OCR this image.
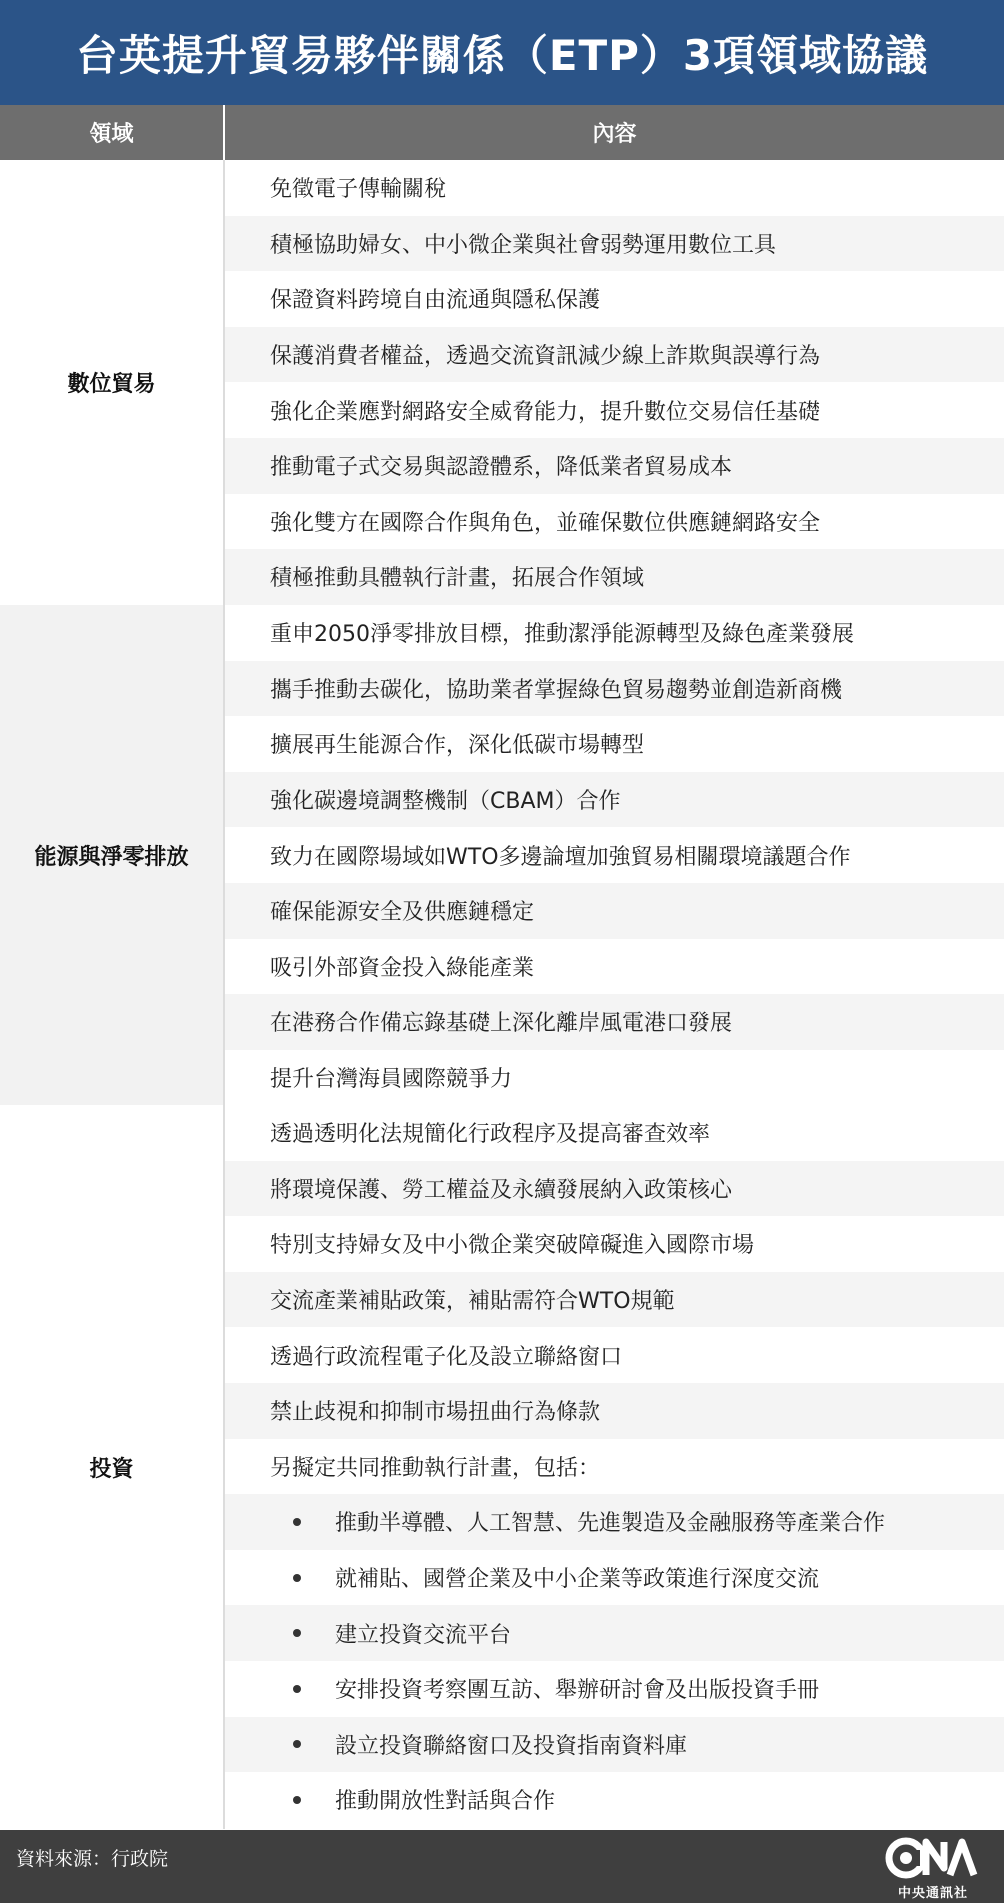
台英提升貿易夥伴關係（ETP）3項領域協議
領域	內容
數位貿易
免徵電子傳輸關稅
積極協助婦女、中小微企業與社會弱勢運用數位工具
保證資料跨境自由流通與隱私保護
保護消費者權益，透過交流資訊減少線上詐欺與誤導行為
強化企業應對網路安全威脅能力，提升數位交易信任基礎
推動電子式交易與認證體系，降低業者貿易成本
強化雙方在國際合作與角色，並確保數位供應鏈網路安全
積極推動具體執行計畫，拓展合作領域
能源與淨零排放
重申2050淨零排放目標，推動潔淨能源轉型及綠色產業發展
攜手推動去碳化，協助業者掌握綠色貿易趨勢並創造新商機
擴展再生能源合作，深化低碳市場轉型
強化碳邊境調整機制（CBAM）合作
致力在國際場域如WTO多邊論壇加強貿易相關環境議題合作
確保能源安全及供應鏈穩定
吸引外部資金投入綠能產業
在港務合作備忘錄基礎上深化離岸風電港口發展
提升台灣海員國際競爭力
投資
透過透明化法規簡化行政程序及提高審查效率
將環境保護、勞工權益及永續發展納入政策核心
特別支持婦女及中小微企業突破障礙進入國際市場
交流產業補貼政策，補貼需符合WTO規範
透過行政流程電子化及設立聯絡窗口
禁止歧視和抑制市場扭曲行為條款
另擬定共同推動執行計畫，包括：
推動半導體、人工智慧、先進製造及金融服務等產業合作
就補貼、國營企業及中小企業等政策進行深度交流
建立投資交流平台
安排投資考察團互訪、舉辦研討會及出版投資手冊
設立投資聯絡窗口及投資指南資料庫
推動開放性對話與合作
資料來源：行政院
中央通訊社
